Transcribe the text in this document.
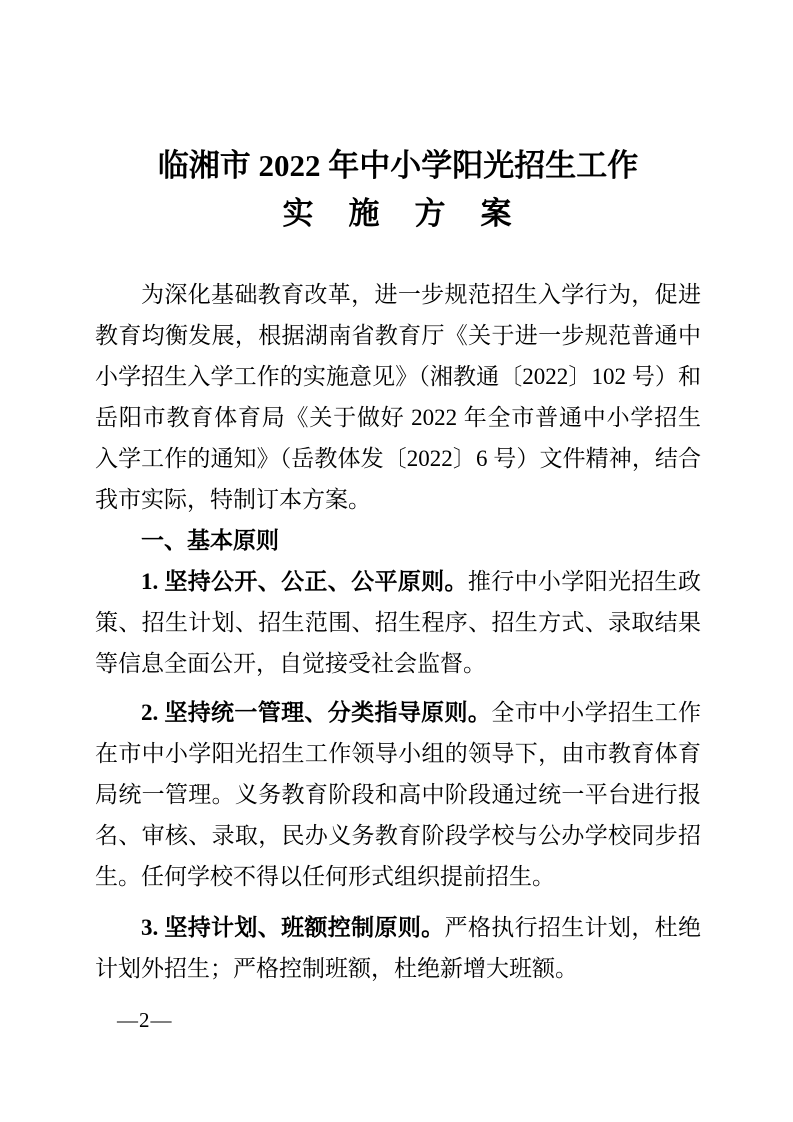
临湘市 2022 年中小学阳光招生工作
实　施　方　案

为深化基础教育改革，进一步规范招生入学行为，促进教育均衡发展，根据湖南省教育厅《关于进一步规范普通中小学招生入学工作的实施意见》（湘教通〔2022〕102 号）和岳阳市教育体育局《关于做好 2022 年全市普通中小学招生入学工作的通知》（岳教体发〔2022〕6 号）文件精神，结合我市实际，特制订本方案。

一、基本原则

1. 坚持公开、公正、公平原则。推行中小学阳光招生政策、招生计划、招生范围、招生程序、招生方式、录取结果等信息全面公开，自觉接受社会监督。

2. 坚持统一管理、分类指导原则。全市中小学招生工作在市中小学阳光招生工作领导小组的领导下，由市教育体育局统一管理。义务教育阶段和高中阶段通过统一平台进行报名、审核、录取，民办义务教育阶段学校与公办学校同步招生。任何学校不得以任何形式组织提前招生。

3. 坚持计划、班额控制原则。严格执行招生计划，杜绝计划外招生；严格控制班额，杜绝新增大班额。

—2—
